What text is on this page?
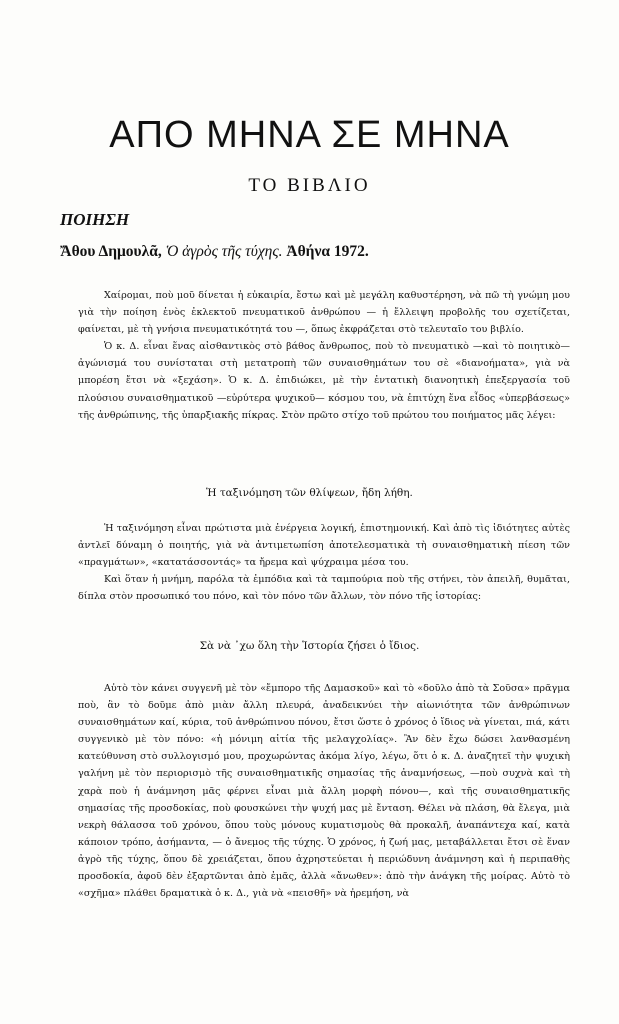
ΑΠΟ ΜΗΝΑ ΣΕ ΜΗΝΑ
ΤΟ ΒΙΒΛΙΟ
ΠΟΙΗΣΗ
Ἄθου Δημουλᾶ, Ὁ ἀγρὸς τῆς τύχης. Ἀθήνα 1972.

Χαίρομαι, ποὺ μοῦ δίνεται ἡ εὐκαιρία, ἔστω καὶ μὲ μεγάλη καθυστέρηση, νὰ πῶ τὴ γνώμη μου γιὰ τὴν ποίηση ἑνὸς ἐκλεκτοῦ πνευματικοῦ ἀνθρώπου — ἡ ἔλλειψη προβολῆς του σχετίζεται, φαίνεται, μὲ τὴ γνήσια πνευματικότητά του —, ὅπως ἐκφράζεται στὸ τελευταῖο του βιβλίο.

Ὁ κ. Δ. εἶναι ἕνας αἰσθαντικὸς στὸ βάθος ἄνθρωπος, ποὺ τὸ πνευματικὸ —καὶ τὸ ποιητικὸ— ἀγώνισμά του συνίσταται στὴ μετατροπὴ τῶν συναισθημάτων του σὲ «διανοήματα», γιὰ νὰ μπορέση ἔτσι νὰ «ξεχάση». Ὁ κ. Δ. ἐπιδιώκει, μὲ τὴν ἐντατικὴ διανοητικὴ ἐπεξεργασία τοῦ πλούσιου συναισθηματικοῦ —εὐρύτερα ψυχικοῦ— κόσμου του, νὰ ἐπιτύχη ἕνα εἶδος «ὑπερβάσεως» τῆς ἀνθρώπινης, τῆς ὑπαρξιακῆς πίκρας. Στὸν πρῶτο στίχο τοῦ πρώτου του ποιήματος μᾶς λέγει:

Ἡ ταξινόμηση τῶν θλίψεων, ἤδη λήθη.

Ἡ ταξινόμηση εἶναι πρώτιστα μιὰ ἐνέργεια λογική, ἐπιστημονική. Καὶ ἀπὸ τὶς ἰδιότητες αὐτὲς ἀντλεῖ δύναμη ὁ ποιητής, γιὰ νὰ ἀντιμετωπίση ἀποτελεσματικὰ τὴ συναισθηματικὴ πίεση τῶν «πραγμάτων», «κατατάσσοντάς» τα ἤρεμα καὶ ψύχραιμα μέσα του.

Καὶ ὅταν ἡ μνήμη, παρόλα τὰ ἐμπόδια καὶ τὰ ταμπούρια ποὺ τῆς στήνει, τὸν ἀπειλῆ, θυμᾶται, δίπλα στὸν προσωπικό του πόνο, καὶ τὸν πόνο τῶν ἄλλων, τὸν πόνο τῆς ἱστορίας:

Σὰ νὰ ᾽χω ὅλη τὴν Ἱστορία ζήσει ὁ ἴδιος.

Αὐτὸ τὸν κάνει συγγενῆ μὲ τὸν «ἔμπορο τῆς Δαμασκοῦ» καὶ τὸ «δοῦλο ἀπὸ τὰ Σοῦσα» πρᾶγμα ποὺ, ἂν τὸ δοῦμε ἀπὸ μιὰν ἄλλη πλευρά, ἀναδεικνύει τὴν αἰωνιότητα τῶν ἀνθρώπινων συναισθημάτων καί, κύρια, τοῦ ἀνθρώπινου πόνου, ἔτσι ὥστε ὁ χρόνος ὁ ἴδιος νὰ γίνεται, πιά, κάτι συγγενικὸ μὲ τὸν πόνο: «ἡ μόνιμη αἰτία τῆς μελαγχολίας». Ἂν δὲν ἔχω δώσει λανθασμένη κατεύθυνση στὸ συλλογισμό μου, προχωρώντας ἀκόμα λίγο, λέγω, ὅτι ὁ κ. Δ. ἀναζητεῖ τὴν ψυχικὴ γαλήνη μὲ τὸν περιορισμὸ τῆς συναισθηματικῆς σημασίας τῆς ἀναμνήσεως, —ποὺ συχνὰ καὶ τὴ χαρὰ ποὺ ἡ ἀνάμνηση μᾶς φέρνει εἶναι μιὰ ἄλλη μορφὴ πόνου—, καὶ τῆς συναισθηματικῆς σημασίας τῆς προσδοκίας, ποὺ φουσκώνει τὴν ψυχή μας μὲ ἔνταση. Θέλει νὰ πλάση, θὰ ἔλεγα, μιὰ νεκρὴ θάλασσα τοῦ χρόνου, ὅπου τοὺς μόνους κυματισμοὺς θὰ προκαλῆ, ἀναπάντεχα καί, κατὰ κάποιον τρόπο, ἀσήμαντα, — ὁ ἄνεμος τῆς τύχης. Ὁ χρόνος, ἡ ζωή μας, μεταβάλλεται ἔτσι σὲ ἕναν ἀγρὸ τῆς τύχης, ὅπου δὲ χρειάζεται, ὅπου ἀχρηστεύεται ἡ περιώδυνη ἀνάμνηση καὶ ἡ περιπαθὴς προσδοκία, ἀφοῦ δὲν ἐξαρτῶνται ἀπὸ ἐμᾶς, ἀλλὰ «ἄνωθεν»: ἀπὸ τὴν ἀνάγκη τῆς μοίρας. Αὐτὸ τὸ «σχῆμα» πλάθει δραματικὰ ὁ κ. Δ., γιὰ νὰ «πεισθῆ» νὰ ἠρεμήση, νὰ
